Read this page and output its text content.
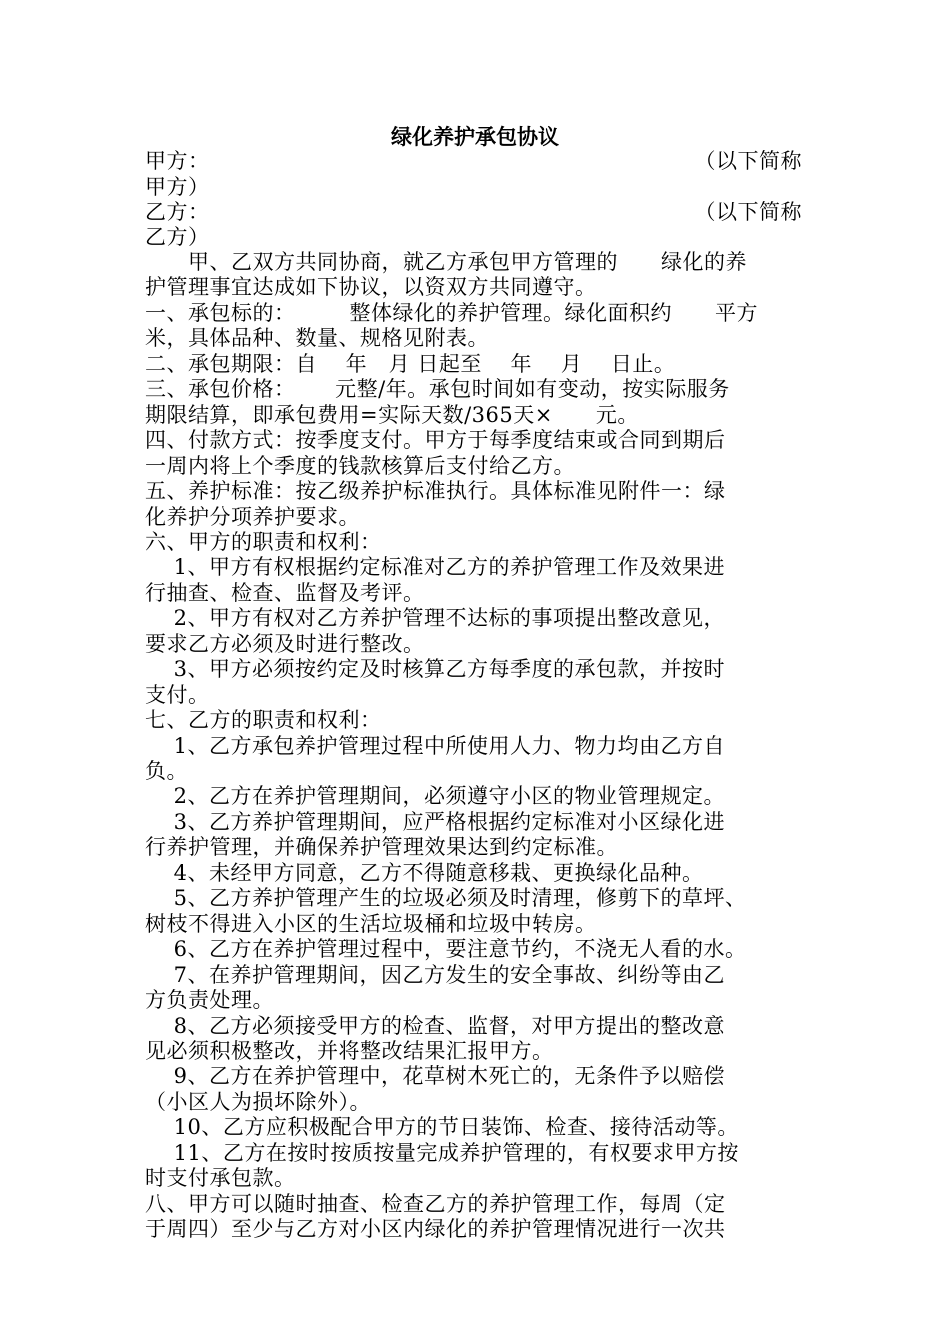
绿化养护承包协议
甲方：	（以下简称
甲方）
乙方：	（以下简称
乙方）
　　甲、乙双方共同协商，就乙方承包甲方管理的　　绿化的养
护管理事宜达成如下协议，以资双方共同遵守。
一、承包标的：　　　整体绿化的养护管理。绿化面积约　　平方
米，具体品种、数量、规格见附表。
二、承包期限：自　 年　月 日起至　 年　 月　 日止。
三、承包价格：　　 元整/年。承包时间如有变动，按实际服务
期限结算，即承包费用=实际天数/365天×　　元。
四、付款方式：按季度支付。甲方于每季度结束或合同到期后
一周内将上个季度的钱款核算后支付给乙方。
五、养护标准：按乙级养护标准执行。具体标准见附件一：绿
化养护分项养护要求。
六、甲方的职责和权利：
　 1、甲方有权根据约定标准对乙方的养护管理工作及效果进
行抽查、检查、监督及考评。
　 2、甲方有权对乙方养护管理不达标的事项提出整改意见，
要求乙方必须及时进行整改。
　 3、甲方必须按约定及时核算乙方每季度的承包款，并按时
支付。
七、乙方的职责和权利：
　 1、乙方承包养护管理过程中所使用人力、物力均由乙方自
负。
　 2、乙方在养护管理期间，必须遵守小区的物业管理规定。
　 3、乙方养护管理期间，应严格根据约定标准对小区绿化进
行养护管理，并确保养护管理效果达到约定标准。
　 4、未经甲方同意，乙方不得随意移栽、更换绿化品种。
　 5、乙方养护管理产生的垃圾必须及时清理，修剪下的草坪、
树枝不得进入小区的生活垃圾桶和垃圾中转房。
　 6、乙方在养护管理过程中，要注意节约，不浇无人看的水。
　 7、在养护管理期间，因乙方发生的安全事故、纠纷等由乙
方负责处理。
　 8、乙方必须接受甲方的检查、监督，对甲方提出的整改意
见必须积极整改，并将整改结果汇报甲方。
　 9、乙方在养护管理中，花草树木死亡的，无条件予以赔偿
（小区人为损坏除外）。
　 10、乙方应积极配合甲方的节日装饰、检查、接待活动等。
　 11、乙方在按时按质按量完成养护管理的，有权要求甲方按
时支付承包款。
八、甲方可以随时抽查、检查乙方的养护管理工作，每周（定
于周四）至少与乙方对小区内绿化的养护管理情况进行一次共
